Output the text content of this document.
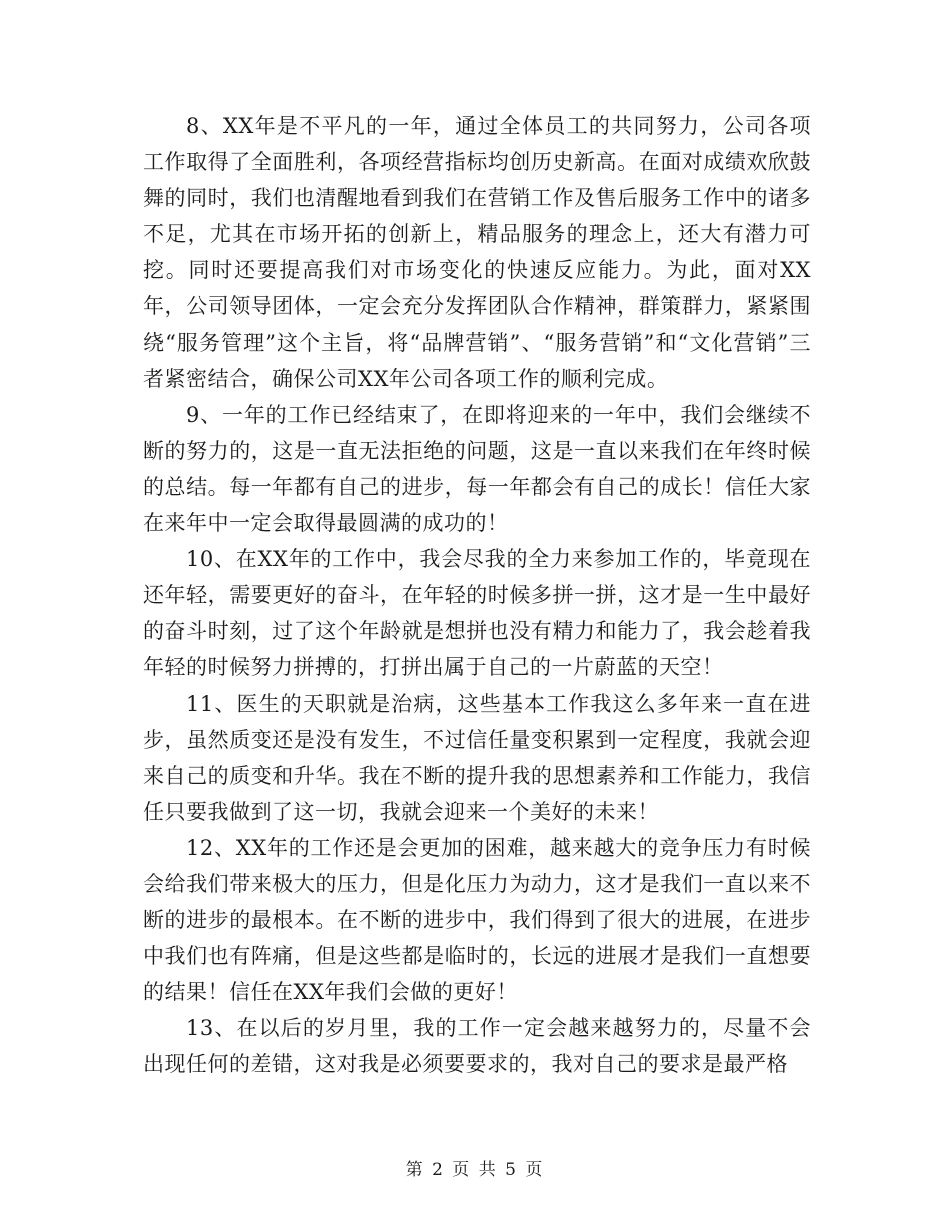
8、XX年是不平凡的一年，通过全体员工的共同努力，公司各项工作取得了全面胜利，各项经营指标均创历史新高。在面对成绩欢欣鼓舞的同时，我们也清醒地看到我们在营销工作及售后服务工作中的诸多不足，尤其在市场开拓的创新上，精品服务的理念上，还大有潜力可挖。同时还要提高我们对市场变化的快速反应能力。为此，面对XX年，公司领导团体，一定会充分发挥团队合作精神，群策群力，紧紧围绕“服务管理”这个主旨，将“品牌营销”、“服务营销”和“文化营销”三者紧密结合，确保公司XX年公司各项工作的顺利完成。

9、一年的工作已经结束了，在即将迎来的一年中，我们会继续不断的努力的，这是一直无法拒绝的问题，这是一直以来我们在年终时候的总结。每一年都有自己的进步，每一年都会有自己的成长！信任大家在来年中一定会取得最圆满的成功的！

10、在XX年的工作中，我会尽我的全力来参加工作的，毕竟现在还年轻，需要更好的奋斗，在年轻的时候多拼一拼，这才是一生中最好的奋斗时刻，过了这个年龄就是想拼也没有精力和能力了，我会趁着我年轻的时候努力拼搏的，打拼出属于自己的一片蔚蓝的天空！

11、医生的天职就是治病，这些基本工作我这么多年来一直在进步，虽然质变还是没有发生，不过信任量变积累到一定程度，我就会迎来自己的质变和升华。我在不断的提升我的思想素养和工作能力，我信任只要我做到了这一切，我就会迎来一个美好的未来！

12、XX年的工作还是会更加的困难，越来越大的竞争压力有时候会给我们带来极大的压力，但是化压力为动力，这才是我们一直以来不断的进步的最根本。在不断的进步中，我们得到了很大的进展，在进步中我们也有阵痛，但是这些都是临时的，长远的进展才是我们一直想要的结果！信任在XX年我们会做的更好！

13、在以后的岁月里，我的工作一定会越来越努力的，尽量不会出现任何的差错，这对我是必须要要求的，我对自己的要求是最严格

第 2 页 共 5 页
